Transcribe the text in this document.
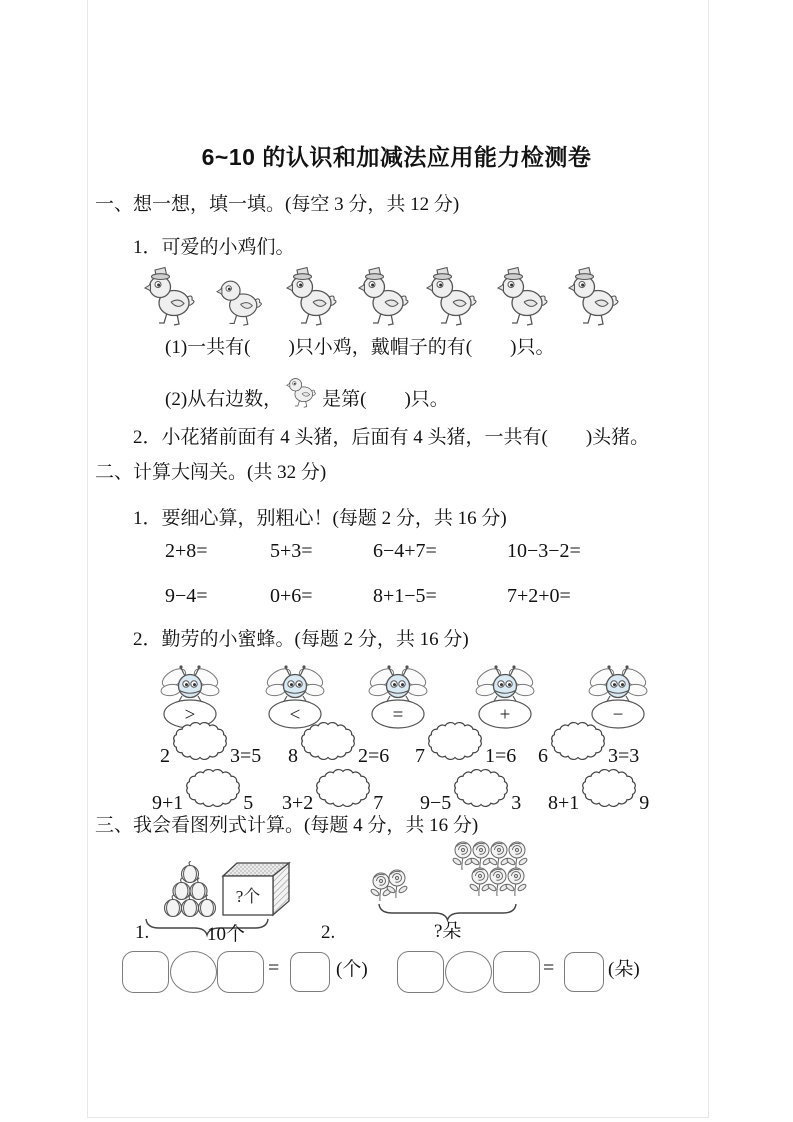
6~10 的认识和加减法应用能力检测卷
一、想一想，填一填。(每空 3 分，共 12 分)
1．可爱的小鸡们。
(1)一共有(　　)只小鸡，戴帽子的有(　　)只。
(2)从右边数， 是第(　　)只。
2．小花猪前面有 4 头猪，后面有 4 头猪，一共有(　　)头猪。
二、计算大闯关。(共 32 分)
1．要细心算，别粗心！(每题 2 分，共 16 分)
2．勤劳的小蜜蜂。(每题 2 分，共 16 分)
三、我会看图列式计算。(每题 4 分，共 16 分)
?个
1.	10个	2.	?朵
2+8=	5+3=	6−4+7=	10−3−2=
9−4=	0+6=	8+1−5=	7+2+0=
>	<	=	+	−
2	3=5 8	2=6 7	1=6 6	3=3
9+1	5 3+2	7 9−5	3 8+1	9
=	(个)	=	(朵)
